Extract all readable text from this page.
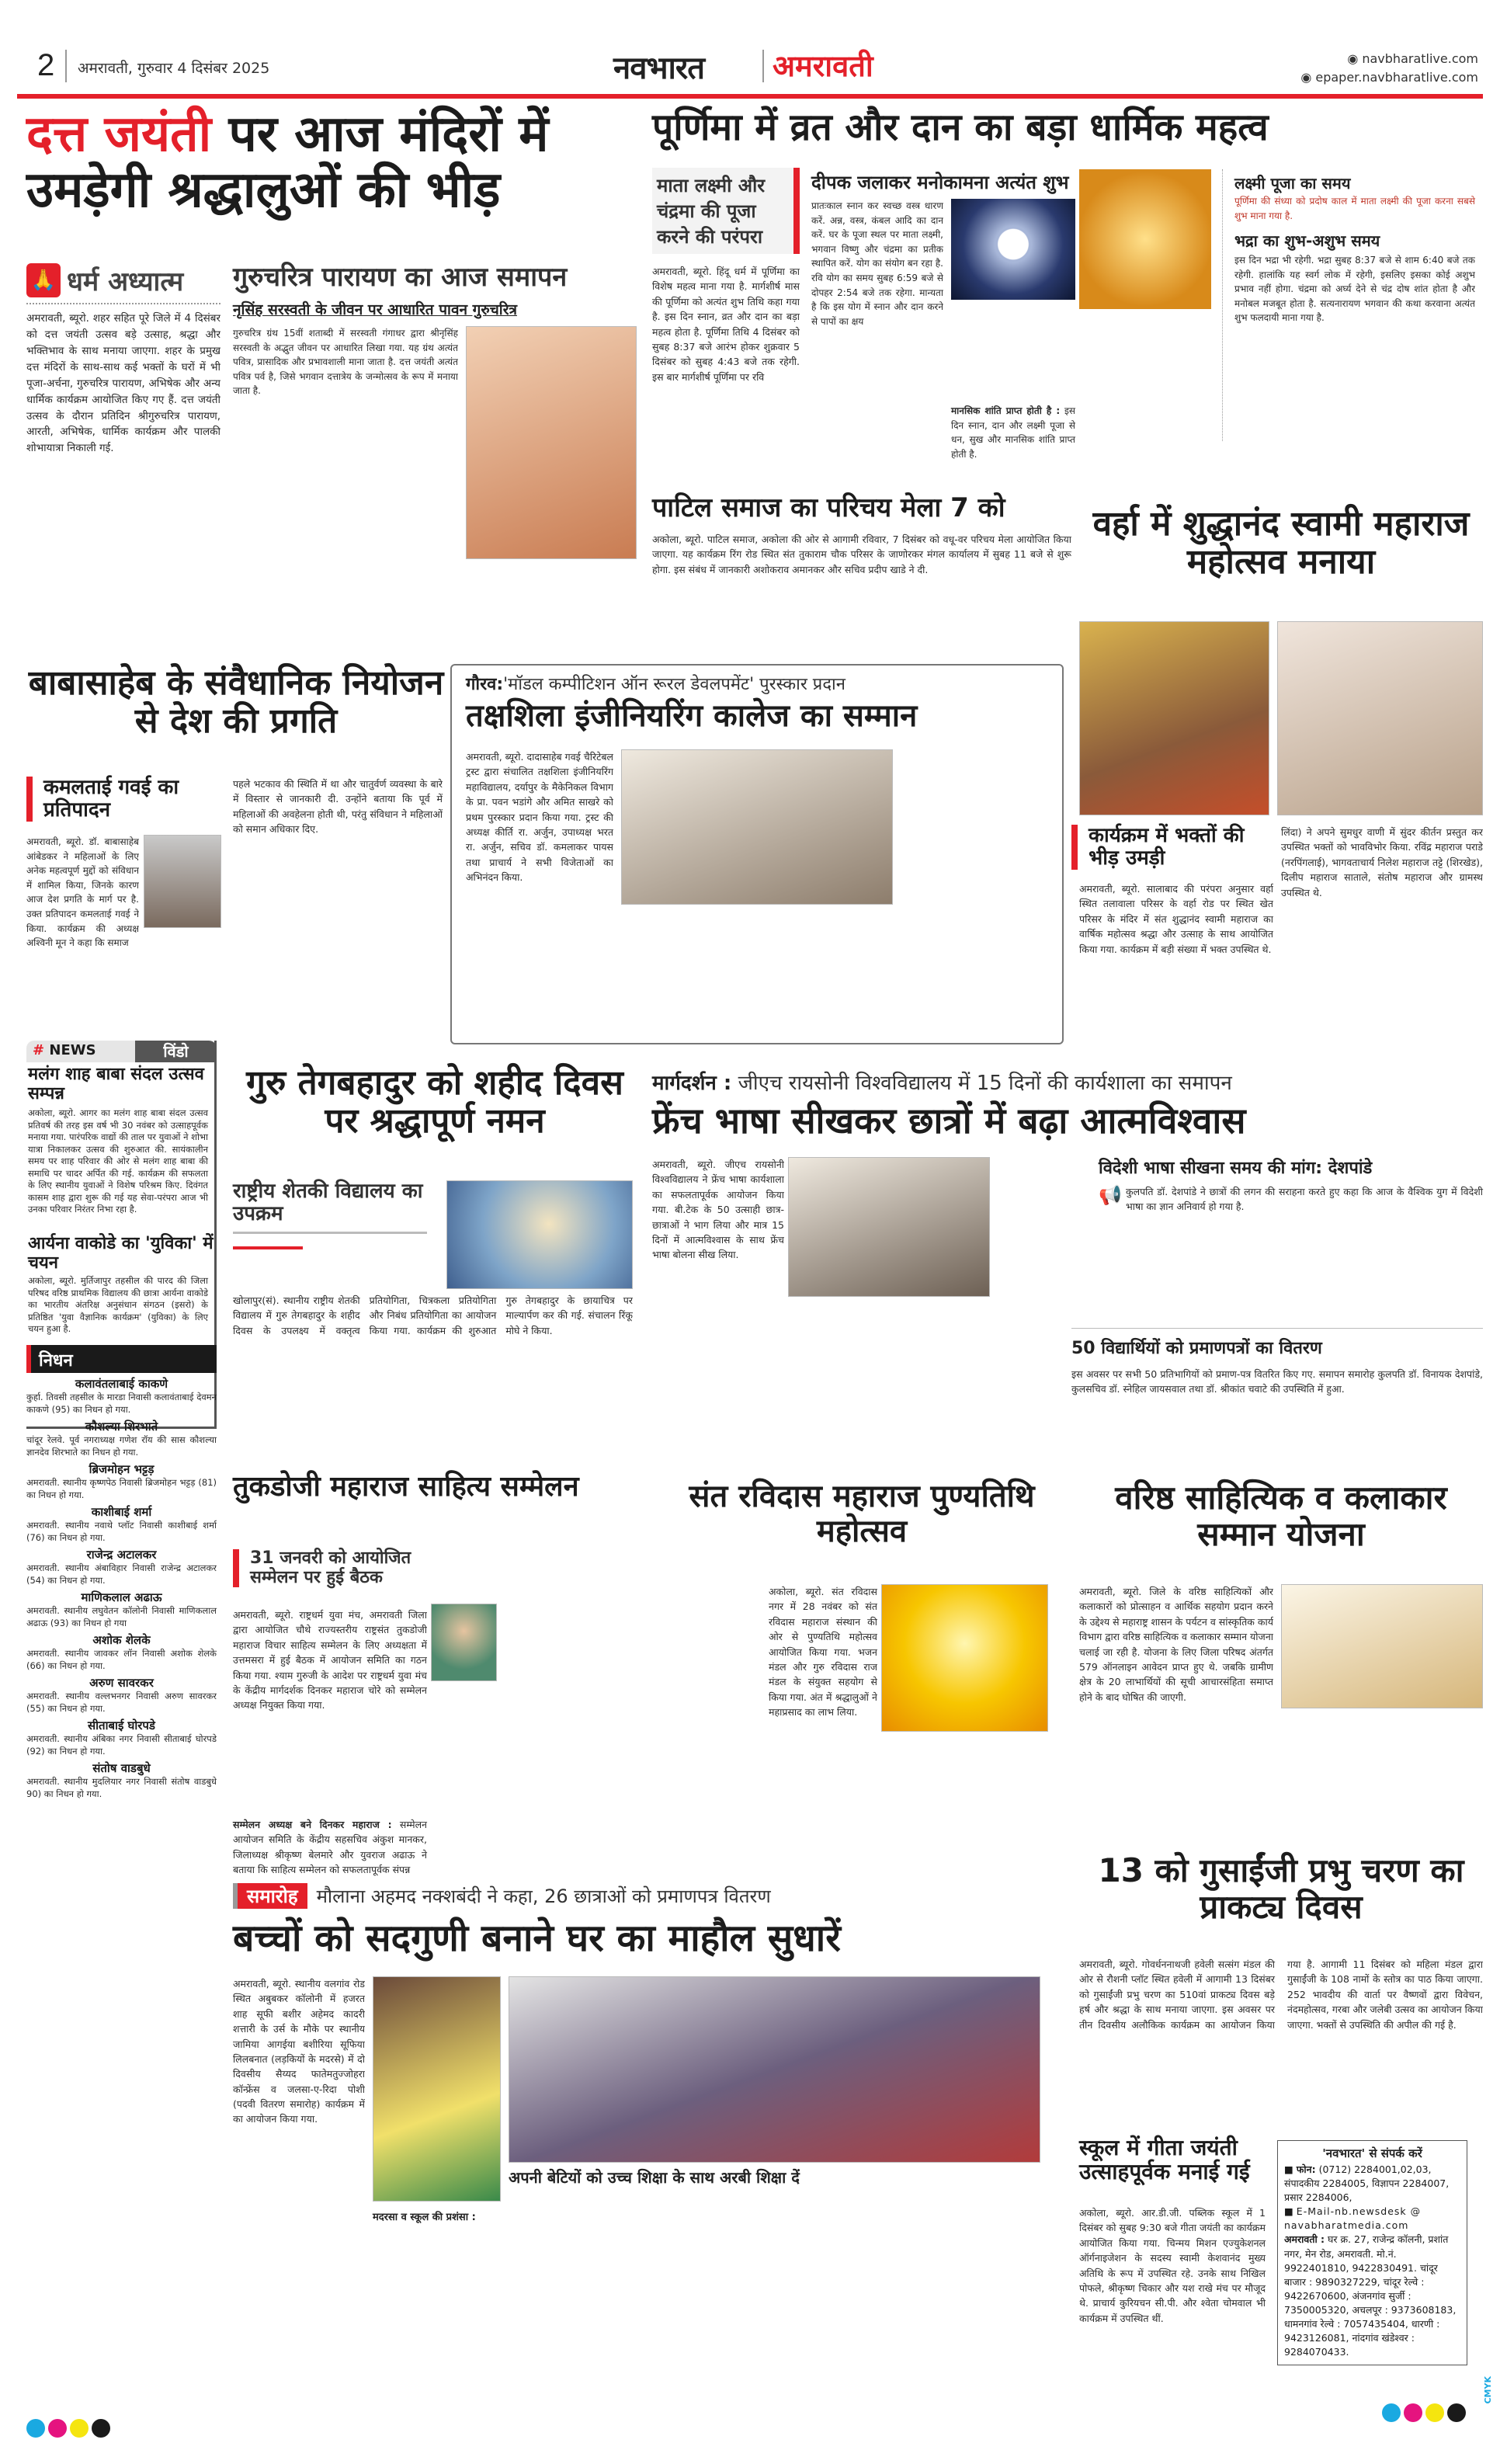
2 अमरावती, गुरुवार 4 दिसंबर 2025	नवभारत अमरावती	◉ navbharatlive.com
◉ epaper.navbharatlive.com
दत्त जयंती पर आज मंदिरों में
उमड़ेगी श्रद्धालुओं की भीड़
🙏 धर्म अध्यात्म
अमरावती, ब्यूरो. शहर सहित पूरे जिले में 4 दिसंबर को दत्त जयंती उत्सव बड़े उत्साह, श्रद्धा और भक्तिभाव के साथ मनाया जाएगा. शहर के प्रमुख दत्त मंदिरों के साथ-साथ कई भक्तों के घरों में भी पूजा-अर्चना, गुरुचरित्र पारायण, अभिषेक और अन्य धार्मिक कार्यक्रम आयोजित किए गए हैं. दत्त जयंती उत्सव के दौरान प्रतिदिन श्रीगुरुचरित्र पारायण, आरती, अभिषेक, धार्मिक कार्यक्रम और पालकी शोभायात्रा निकाली गई.
गुरुचरित्र पारायण का आज समापन
नृसिंह सरस्वती के जीवन पर आधारित पावन गुरुचरित्र
गुरुचरित्र ग्रंथ 15वीं शताब्दी में सरस्वती गंगाधर द्वारा श्रीनृसिंह सरस्वती के अद्भुत जीवन पर आधारित लिखा गया. यह ग्रंथ अत्यंत पवित्र, प्रासादिक और प्रभावशाली माना जाता है. दत्त जयंती अत्यंत पवित्र पर्व है, जिसे भगवान दत्तात्रेय के जन्मोत्सव के रूप में मनाया जाता है.
पूर्णिमा में व्रत और दान का बड़ा धार्मिक महत्व
माता लक्ष्मी और चंद्रमा की पूजा करने की परंपरा
अमरावती, ब्यूरो. हिंदू धर्म में पूर्णिमा का विशेष महत्व माना गया है. मार्गशीर्ष मास की पूर्णिमा को अत्यंत शुभ तिथि कहा गया है. इस दिन स्नान, व्रत और दान का बड़ा महत्व होता है. पूर्णिमा तिथि 4 दिसंबर को सुबह 8:37 बजे आरंभ होकर शुक्रवार 5 दिसंबर को सुबह 4:43 बजे तक रहेगी. इस बार मार्गशीर्ष पूर्णिमा पर रवि
दीपक जलाकर मनोकामना अत्यंत शुभ
प्रातःकाल स्नान कर स्वच्छ वस्त्र धारण करें. अन्न, वस्त्र, कंबल आदि का दान करें. घर के पूजा स्थल पर माता लक्ष्मी, भगवान विष्णु और चंद्रमा का प्रतीक स्थापित करें. योग का संयोग बन रहा है. रवि योग का समय सुबह 6:59 बजे से दोपहर 2:54 बजे तक रहेगा. मान्यता है कि इस योग में स्नान और दान करने से पापों का क्षय
मानसिक शांति प्राप्त होती है : इस दिन स्नान, दान और लक्ष्मी पूजा से धन, सुख और मानसिक शांति प्राप्त होती है.
लक्ष्मी पूजा का समय
पूर्णिमा की संध्या को प्रदोष काल में माता लक्ष्मी की पूजा करना सबसे शुभ माना गया है.
भद्रा का शुभ-अशुभ समय
इस दिन भद्रा भी रहेगी. भद्रा सुबह 8:37 बजे से शाम 6:40 बजे तक रहेगी. हालांकि यह स्वर्ग लोक में रहेगी, इसलिए इसका कोई अशुभ प्रभाव नहीं होगा. चंद्रमा को अर्घ्य देने से चंद्र दोष शांत होता है और मनोबल मजबूत होता है. सत्यनारायण भगवान की कथा करवाना अत्यंत शुभ फलदायी माना गया है.
पाटिल समाज का परिचय मेला 7 को
अकोला, ब्यूरो. पाटिल समाज, अकोला की ओर से आगामी रविवार, 7 दिसंबर को वधू-वर परिचय मेला आयोजित किया जाएगा. यह कार्यक्रम रिंग रोड स्थित संत तुकाराम चौक परिसर के जाणोरकर मंगल कार्यालय में सुबह 11 बजे से शुरू होगा. इस संबंध में जानकारी अशोकराव अमानकर और सचिव प्रदीप खाडे ने दी.
वर्हा में शुद्धानंद स्वामी महाराज महोत्सव मनाया
कार्यक्रम में भक्तों की भीड़ उमड़ी
अमरावती, ब्यूरो. सालाबाद की परंपरा अनुसार वर्हा स्थित तलावाला परिसर के वर्हा रोड पर स्थित खेत परिसर के मंदिर में संत शुद्धानंद स्वामी महाराज का वार्षिक महोत्सव श्रद्धा और उत्साह के साथ आयोजित किया गया. कार्यक्रम में बड़ी संख्या में भक्त उपस्थित थे.
लिंदा) ने अपने सुमधुर वाणी में सुंदर कीर्तन प्रस्तुत कर उपस्थित भक्तों को भावविभोर किया. रविंद्र महाराज पराडे (नरपिंगलाई), भागवताचार्य निलेश महाराज तट्टे (शिरखेड), दिलीप महाराज साताले, संतोष महाराज और ग्रामस्थ उपस्थित थे.
बाबासाहेब के संवैधानिक नियोजन से देश की प्रगति
कमलताई गवई का प्रतिपादन
अमरावती, ब्यूरो. डॉ. बाबासाहेब आंबेडकर ने महिलाओं के लिए अनेक महत्वपूर्ण मुद्दों को संविधान में शामिल किया, जिनके कारण आज देश प्रगति के मार्ग पर है. उक्त प्रतिपादन कमलताई गवई ने किया. कार्यक्रम की अध्यक्ष अश्विनी मून ने कहा कि समाज
पहले भटकाव की स्थिति में था और चातुर्वर्ण व्यवस्था के बारे में विस्तार से जानकारी दी. उन्होंने बताया कि पूर्व में महिलाओं की अवहेलना होती थी, परंतु संविधान ने महिलाओं को समान अधिकार दिए.
गौरव:'मॉडल कम्पीटिशन ऑन रूरल डेवलपमेंट' पुरस्कार प्रदान
तक्षशिला इंजीनियरिंग कालेज का सम्मान
अमरावती, ब्यूरो. दादासाहेब गवई चैरिटेबल ट्रस्ट द्वारा संचालित तक्षशिला इंजीनियरिंग महाविद्यालय, दर्यापुर के मैकेनिकल विभाग के प्रा. पवन भडांगे और अमित साखरे को प्रथम पुरस्कार प्रदान किया गया. ट्रस्ट की अध्यक्ष कीर्ति रा. अर्जुन, उपाध्यक्ष भरत रा. अर्जुन, सचिव डॉ. कमलाकर पायस तथा प्राचार्य ने सभी विजेताओं का अभिनंदन किया.
# NEWS	विंडो
मलंग शाह बाबा संदल उत्सव सम्पन्न
अकोला, ब्यूरो. आगर का मलंग शाह बाबा संदल उत्सव प्रतिवर्ष की तरह इस वर्ष भी 30 नवंबर को उत्साहपूर्वक मनाया गया. पारंपरिक वाद्यों की ताल पर युवाओं ने शोभा यात्रा निकालकर उत्सव की शुरुआत की. सायंकालीन समय पर शाह परिवार की ओर से मलंग शाह बाबा की समाधि पर चादर अर्पित की गई. कार्यक्रम की सफलता के लिए स्थानीय युवाओं ने विशेष परिश्रम किए. दिवंगत कासम शाह द्वारा शुरू की गई यह सेवा-परंपरा आज भी उनका परिवार निरंतर निभा रहा है.
आर्यना वाकोडे का 'युविका' में चयन
अकोला, ब्यूरो. मुर्तिजापुर तहसील की पारद की जिला परिषद वरिष्ठ प्राथमिक विद्यालय की छात्रा आर्यना वाकोडे का भारतीय अंतरिक्ष अनुसंधान संगठन (इसरो) के प्रतिष्ठित 'युवा वैज्ञानिक कार्यक्रम' (युविका) के लिए चयन हुआ है.
निधन
कलावंतलाबाई काकणे
कुर्हा. तिवसी तहसील के मारडा निवासी कलावंताबाई देवमन काकणे (95) का निधन हो गया.
कौशल्या शिरभाते
चांदूर रेलवे. पूर्व नगराध्यक्ष गणेश रॉय की सास कौशल्या ज्ञानदेव शिरभाते का निधन हो गया.
ब्रिजमोहन भट्टड़
अमरावती. स्थानीय कृष्णपेठ निवासी ब्रिजमोहन भट्टड़ (81) का निधन हो गया.
काशीबाई शर्मा
अमरावती. स्थानीय नवाथे प्लॉट निवासी काशीबाई शर्मा (76) का निधन हो गया.
राजेन्द्र अटालकर
अमरावती. स्थानीय अंबाविहार निवासी राजेन्द्र अटालकर (54) का निधन हो गया.
माणिकलाल अढाऊ
अमरावती. स्थानीय लघुवेतन कॉलोनी निवासी माणिकलाल अढाऊ (93) का निधन हो गया
अशोक शेलके
अमरावती. स्थानीय जावकर लॉन निवासी अशोक शेलके (66) का निधन हो गया.
अरुण सावरकर
अमरावती. स्थानीय वल्लभनगर निवासी अरुण सावरकर (55) का निधन हो गया.
सीताबाई घोरपडे
अमरावती. स्थानीय अंबिका नगर निवासी सीताबाई घोरपडे (92) का निधन हो गया.
संतोष वाडबुधे
अमरावती. स्थानीय मुदलियार नगर निवासी संतोष वाडबुधे 90) का निधन हो गया.
गुरु तेगबहादुर को शहीद दिवस पर श्रद्धापूर्ण नमन
राष्ट्रीय शेतकी विद्यालय का उपक्रम
खोलापुर(सं). स्थानीय राष्ट्रीय शेतकी विद्यालय में गुरु तेगबहादुर के शहीद दिवस के उपलक्ष्य में वक्तृत्व प्रतियोगिता, चित्रकला प्रतियोगिता और निबंध प्रतियोगिता का आयोजन किया गया. कार्यक्रम की शुरुआत गुरु तेगबहादुर के छायाचित्र पर माल्यार्पण कर की गई. संचालन रिंकू मोघे ने किया.
मार्गदर्शन : जीएच रायसोनी विश्वविद्यालय में 15 दिनों की कार्यशाला का समापन
फ्रेंच भाषा सीखकर छात्रों में बढ़ा आत्मविश्वास
अमरावती, ब्यूरो. जीएच रायसोनी विश्वविद्यालय ने फ्रेंच भाषा कार्यशाला का सफलतापूर्वक आयोजन किया गया. बी.टेक के 50 उत्साही छात्र-छात्राओं ने भाग लिया और मात्र 15 दिनों में आत्मविश्वास के साथ फ्रेंच भाषा बोलना सीख लिया.
विदेशी भाषा सीखना समय की मांग: देशपांडे
📢 कुलपति डॉ. देशपांडे ने छात्रों की लगन की सराहना करते हुए कहा कि आज के वैश्विक युग में विदेशी भाषा का ज्ञान अनिवार्य हो गया है.
50 विद्यार्थियों को प्रमाणपत्रों का वितरण
इस अवसर पर सभी 50 प्रतिभागियों को प्रमाण-पत्र वितरित किए गए. समापन समारोह कुलपति डॉ. विनायक देशपांडे, कुलसचिव डॉ. स्नेहिल जायसवाल तथा डॉ. श्रीकांत चवाटे की उपस्थिति में हुआ.
तुकडोजी महाराज साहित्य सम्मेलन
31 जनवरी को आयोजित सम्मेलन पर हुई बैठक
अमरावती, ब्यूरो. राष्ट्रधर्म युवा मंच, अमरावती जिला द्वारा आयोजित चौथे राज्यस्तरीय राष्ट्रसंत तुकडोजी महाराज विचार साहित्य सम्मेलन के लिए अध्यक्षता में उत्तमसरा में हुई बैठक में आयोजन समिति का गठन किया गया. श्याम गुरुजी के आदेश पर राष्ट्रधर्म युवा मंच के केंद्रीय मार्गदर्शक दिनकर महाराज चोरे को सम्मेलन अध्यक्ष नियुक्त किया गया.
सम्मेलन अध्यक्ष बने दिनकर महाराज : सम्मेलन आयोजन समिति के केंद्रीय सहसचिव अंकुश मानकर, जिलाध्यक्ष श्रीकृष्ण बेलमारे और युवराज अढाऊ ने बताया कि साहित्य सम्मेलन को सफलतापूर्वक संपन्न
संत रविदास महाराज पुण्यतिथि महोत्सव
अकोला, ब्यूरो. संत रविदास नगर में 28 नवंबर को संत रविदास महाराज संस्थान की ओर से पुण्यतिथि महोत्सव आयोजित किया गया. भजन मंडल और गुरु रविदास राज मंडल के संयुक्त सहयोग से किया गया. अंत में श्रद्धालुओं ने महाप्रसाद का लाभ लिया.
वरिष्ठ साहित्यिक व कलाकार सम्मान योजना
अमरावती, ब्यूरो. जिले के वरिष्ठ साहित्यिकों और कलाकारों को प्रोत्साहन व आर्थिक सहयोग प्रदान करने के उद्देश्य से महाराष्ट्र शासन के पर्यटन व सांस्कृतिक कार्य विभाग द्वारा वरिष्ठ साहित्यिक व कलाकार सम्मान योजना चलाई जा रही है. योजना के लिए जिला परिषद अंतर्गत 579 ऑनलाइन आवेदन प्राप्त हुए थे. जबकि ग्रामीण क्षेत्र के 20 लाभार्थियों की सूची आचारसंहिता समाप्त होने के बाद घोषित की जाएगी.
समारोह	मौलाना अहमद नक्शबंदी ने कहा, 26 छात्राओं को प्रमाणपत्र वितरण
बच्चों को सदगुणी बनाने घर का माहौल सुधारें
अमरावती, ब्यूरो. स्थानीय वलगांव रोड स्थित अबुबकर कॉलोनी में हजरत शाह सूफी बशीर अहेमद कादरी शत्तारी के उर्स के मौके पर स्थानीय जामिया आगईया बशीरिया सूफिया लिलबनात (लड़कियों के मदरसे) में दो दिवसीय सैय्यद फातेमतुज्जोहरा कॉन्फ्रेंस व जलसा-ए-रिदा पोशी (पदवी वितरण समारोह) कार्यक्रम में का आयोजन किया गया.
अपनी बेटियों को उच्च शिक्षा के साथ अरबी शिक्षा दें
मदरसा व स्कूल की प्रशंसा :
13 को गुसाईंजी प्रभु चरण का प्राकट्य दिवस
अमरावती, ब्यूरो. गोवर्धननाथजी हवेली सत्संग मंडल की ओर से रौशनी प्लॉट स्थित हवेली में आगामी 13 दिसंबर को गुसाईंजी प्रभु चरण का 510वां प्राकट्य दिवस बड़े हर्ष और श्रद्धा के साथ मनाया जाएगा. इस अवसर पर तीन दिवसीय अलौकिक कार्यक्रम का आयोजन किया गया है. आगामी 11 दिसंबर को महिला मंडल द्वारा गुसाईंजी के 108 नामों के स्तोत्र का पाठ किया जाएगा. 252 भावदीय की वार्ता पर वैष्णवों द्वारा विवेचन, नंदमहोत्सव, गरबा और जलेबी उत्सव का आयोजन किया जाएगा. भक्तों से उपस्थिति की अपील की गई है.
स्कूल में गीता जयंती उत्साहपूर्वक मनाई गई
अकोला, ब्यूरो. आर.डी.जी. पब्लिक स्कूल में 1 दिसंबर को सुबह 9:30 बजे गीता जयंती का कार्यक्रम आयोजित किया गया. चिन्मय मिशन एज्युकेशनल ऑर्गनाइजेशन के सदस्य स्वामी केशवानंद मुख्य अतिथि के रूप में उपस्थित रहे. उनके साथ निखिल पोफले, श्रीकृष्ण चिकार और यश राखे मंच पर मौजूद थे. प्राचार्य कुरियचन सी.पी. और श्वेता चोमवाल भी कार्यक्रम में उपस्थित थीं.
'नवभारत' से संपर्क करें
■ फोन: (0712) 2284001,02,03, संपादकीय 2284005, विज्ञापन 2284007, प्रसार 2284006,
■ E-Mail-nb.newsdesk @ navabharatmedia.com
अमरावती : घर क्र. 27, राजेन्द्र कॉलनी, प्रशांत नगर, मेन रोड, अमरावती. मो.नं. 9922401810, 9422830491. चांदूर बाजार : 9890327229, चांदूर रेल्वे : 9422670600, अंजनगांव सुर्जी : 7350005320, अचलपूर : 9373608183, धामनगांव रेल्वे : 7057435404, धारणी : 9423126081, नांदगांव खंडेश्वर : 9284070433.
CMYK
